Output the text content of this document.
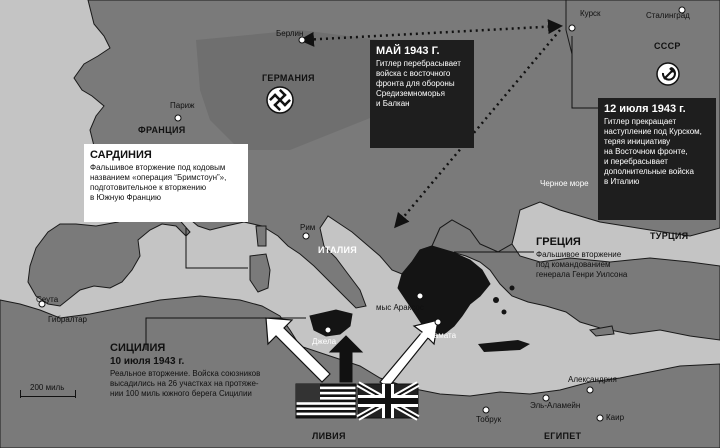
ГЕРМАНИЯ
ФРАНЦИЯ
ИТАЛИЯ
СССР
ТУРЦИЯ
ЛИВИЯ	ЕГИПЕТ
Берлин
Париж
Рим
Курск	Сталинград
Сеута
Гибралтар
Джела
мыс Араксос
Каламата
Александрия
Эль-Аламейн
Тобрук	Каир
Черное море
200 миль
МАЙ 1943 Г.
Гитлер перебрасывает
войска с восточного
фронта для обороны
Средиземноморья
и Балкан	12 июля 1943 г.
Гитлер прекращает
наступление под Курском,
теряя инициативу
на Восточном фронте,
и перебрасывает
дополнительные войска
в Италию
САРДИНИЯ
Фальшивое вторжение под кодовым
названием «операция “Бримстоун”»,
подготовительное к вторжению
в Южную Францию
ГРЕЦИЯ
Фальшивое вторжение
под командованием
генерала Генри Уилсона
СИЦИЛИЯ
10 июля 1943 г.
Реальное вторжение. Войска союзников
высадились на 26 участках на протяже-
нии 100 миль южного берега Сицилии
